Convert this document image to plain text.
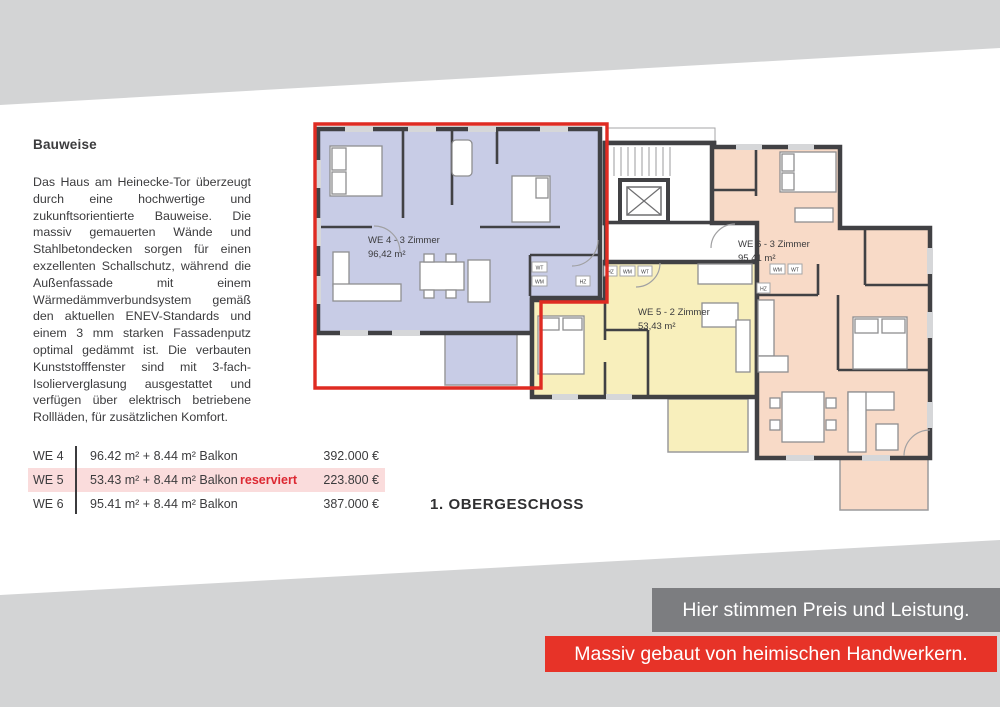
Bauweise
Das Haus am Heinecke-Tor überzeugt durch eine hochwertige und zukunftsorientierte Bauweise. Die massiv gemauerten Wände und Stahlbetondecken sorgen für einen exzellenten Schallschutz, während die Außenfassade mit einem Wärmedämmverbundsystem gemäß den aktuellen ENEV-Standards und einem 3 mm starken Fassadenputz optimal gedämmt ist. Die verbauten Kunststofffenster sind mit 3-fach-Isolierverglasung ausgestattet und verfügen über elektrisch betriebene Rollläden, für zusätzlichen Komfort.
WE 4	96.42 m² + 8.44 m² Balkon	392.000 €
WE 5	53.43 m² + 8.44 m² Balkon reserviert	223.800 €
WE 6	95.41 m² + 8.44 m² Balkon	387.000 €	1. OBERGESCHOSS
WE 4 - 3 Zimmer
96,42 m²
WE 5 - 2 Zimmer
53,43 m²
WE 6 - 3 Zimmer
95,41 m²
WT
WM	HZ
HZ WM WT	WM WT
HZ
Hier stimmen Preis und Leistung.
Massiv gebaut von heimischen Handwerkern.
